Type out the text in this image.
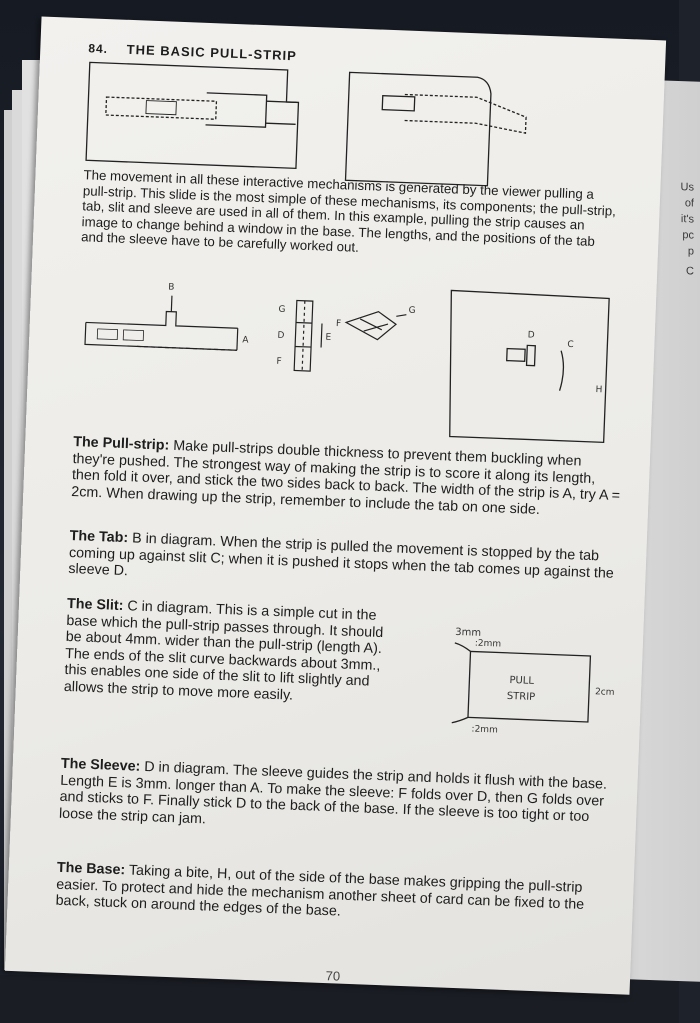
Us
of
it's
pc
p
C
84. THE BASIC PULL-STRIP

The movement in all these interactive mechanisms is generated by the viewer pulling a pull-strip. This slide is the most simple of these mechanisms, its components; the pull-strip, tab, slit and sleeve are used in all of them. In this example, pulling the strip causes an image to change behind a window in the base. The lengths, and the positions of the tab and the sleeve have to be carefully worked out.

B
A
G
D
F
E
F
G
D
C
H

The Pull-strip: Make pull-strips double thickness to prevent them buckling when they're pushed. The strongest way of making the strip is to score it along its length, then fold it over, and stick the two sides back to back. The width of the strip is A, try A = 2cm. When drawing up the strip, remember to include the tab on one side.

The Tab: B in diagram. When the strip is pulled the movement is stopped by the tab coming up against slit C; when it is pushed it stops when the tab comes up against the sleeve D.

The Slit: C in diagram. This is a simple cut in the base which the pull-strip passes through. It should be about 4mm. wider than the pull-strip (length A). The ends of the slit curve backwards about 3mm., this enables one side of the slit to lift slightly and allows the strip to move more easily.

3mm
:2mm
PULL
STRIP	2cm
:2mm

The Sleeve: D in diagram. The sleeve guides the strip and holds it flush with the base. Length E is 3mm. longer than A. To make the sleeve: F folds over D, then G folds over and sticks to F. Finally stick D to the back of the base. If the sleeve is too tight or too loose the strip can jam.

The Base: Taking a bite, H, out of the side of the base makes gripping the pull-strip easier. To protect and hide the mechanism another sheet of card can be fixed to the back, stuck on around the edges of the base.

70
